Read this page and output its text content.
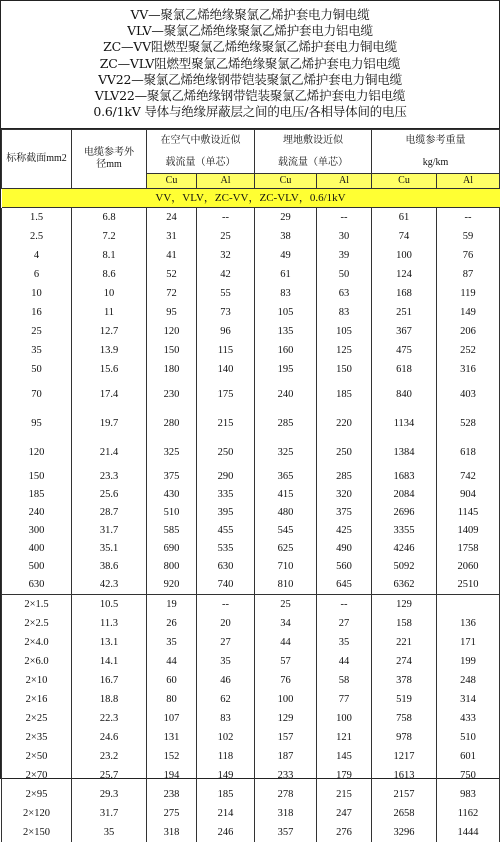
VV—聚氯乙烯绝缘聚氯乙烯护套电力铜电缆
VLV—聚氯乙烯绝缘聚氯乙烯护套电力铝电缆
ZC—VV阻燃型聚氯乙烯绝缘聚氯乙烯护套电力铜电缆
ZC—VLV阻燃型聚氯乙烯绝缘聚氯乙烯护套电力铝电缆
VV22—聚氯乙烯绝缘钢带铠装聚氯乙烯护套电力铜电缆
VLV22—聚氯乙烯绝缘钢带铠装聚氯乙烯护套电力铝电缆
0.6/1kV 导体与绝缘屏蔽层之间的电压/各相导体间的电压
标称截面mm2	电缆参考外
径mm	在空气中敷设近似		埋地敷设近似		电缆参考重量	
		载流量（单芯）		载流量（单芯）		kg/km	
		Cu	Al	Cu	Al	Cu	Al
VV，VLV，ZC-VV，ZC-VLV，0.6/1kV							
1.5	6.8	24	--	29	--	61	--
2.5	7.2	31	25	38	30	74	59
4	8.1	41	32	49	39	100	76
6	8.6	52	42	61	50	124	87
10	10	72	55	83	63	168	119
16	11	95	73	105	83	251	149
25	12.7	120	96	135	105	367	206
35	13.9	150	115	160	125	475	252
50	15.6	180	140	195	150	618	316
70	17.4	230	175	240	185	840	403
95	19.7	280	215	285	220	1134	528
120	21.4	325	250	325	250	1384	618
150	23.3	375	290	365	285	1683	742
185	25.6	430	335	415	320	2084	904
240	28.7	510	395	480	375	2696	1145
300	31.7	585	455	545	425	3355	1409
400	35.1	690	535	625	490	4246	1758
500	38.6	800	630	710	560	5092	2060
630	42.3	920	740	810	645	6362	2510
2×1.5	10.5	19	--	25	--	129	
2×2.5	11.3	26	20	34	27	158	136
2×4.0	13.1	35	27	44	35	221	171
2×6.0	14.1	44	35	57	44	274	199
2×10	16.7	60	46	76	58	378	248
2×16	18.8	80	62	100	77	519	314
2×25	22.3	107	83	129	100	758	433
2×35	24.6	131	102	157	121	978	510
2×50	23.2	152	118	187	145	1217	601
2×70	25.7	194	149	233	179	1613	750
2×95	29.3	238	185	278	215	2157	983
2×120	31.7	275	214	318	247	2658	1162
2×150	35	318	246	357	276	3296	1444
